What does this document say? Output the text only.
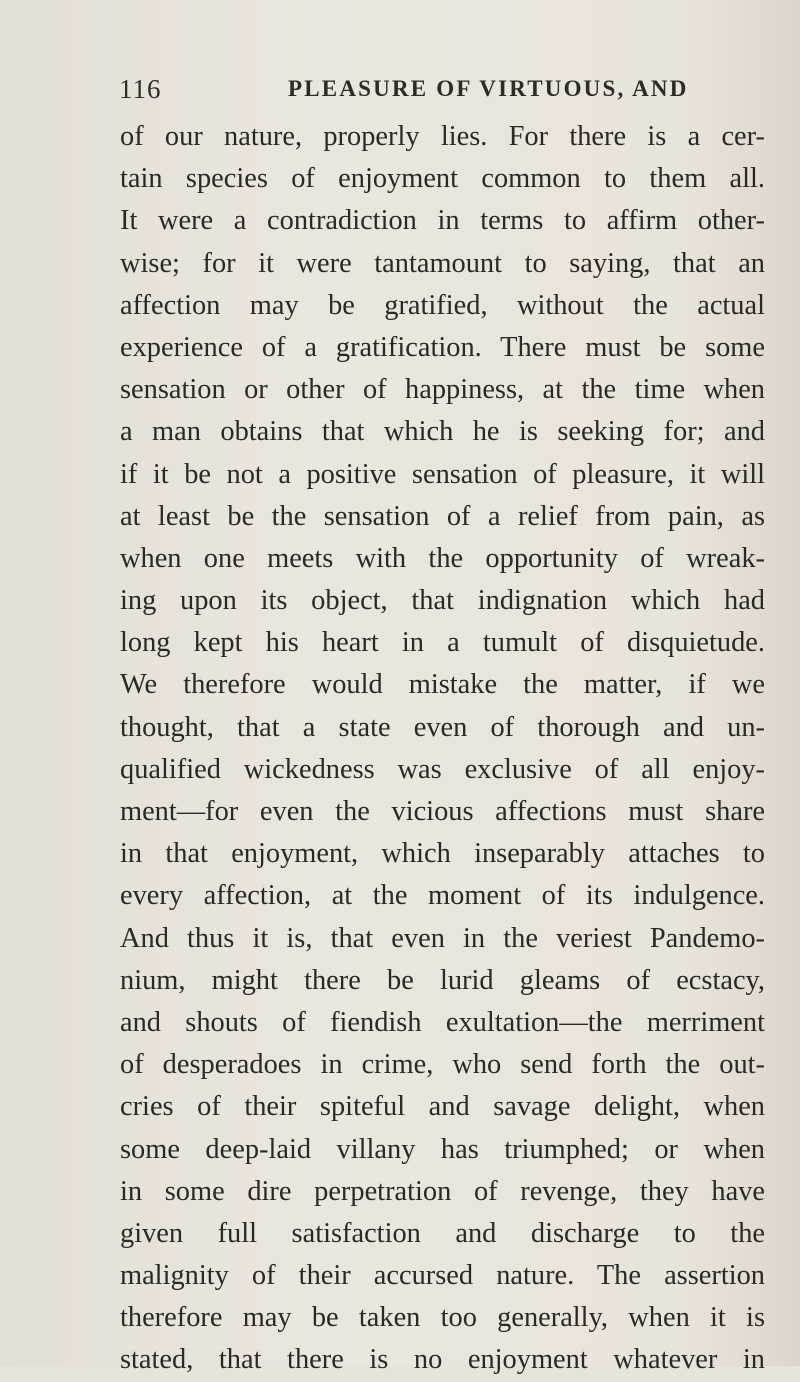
116	PLEASURE OF VIRTUOUS, AND
of our nature, properly lies. For there is a cer-
tain species of enjoyment common to them all.
It were a contradiction in terms to affirm other-
wise; for it were tantamount to saying, that an
affection may be gratified, without the actual
experience of a gratification. There must be some
sensation or other of happiness, at the time when
a man obtains that which he is seeking for; and
if it be not a positive sensation of pleasure, it will
at least be the sensation of a relief from pain, as
when one meets with the opportunity of wreak-
ing upon its object, that indignation which had
long kept his heart in a tumult of disquietude.
We therefore would mistake the matter, if we
thought, that a state even of thorough and un-
qualified wickedness was exclusive of all enjoy-
ment—for even the vicious affections must share
in that enjoyment, which inseparably attaches to
every affection, at the moment of its indulgence.
And thus it is, that even in the veriest Pandemo-
nium, might there be lurid gleams of ecstacy,
and shouts of fiendish exultation—the merriment
of desperadoes in crime, who send forth the out-
cries of their spiteful and savage delight, when
some deep-laid villany has triumphed; or when
in some dire perpetration of revenge, they have
given full satisfaction and discharge to the
malignity of their accursed nature. The assertion
therefore may be taken too generally, when it is
stated, that there is no enjoyment whatever in
